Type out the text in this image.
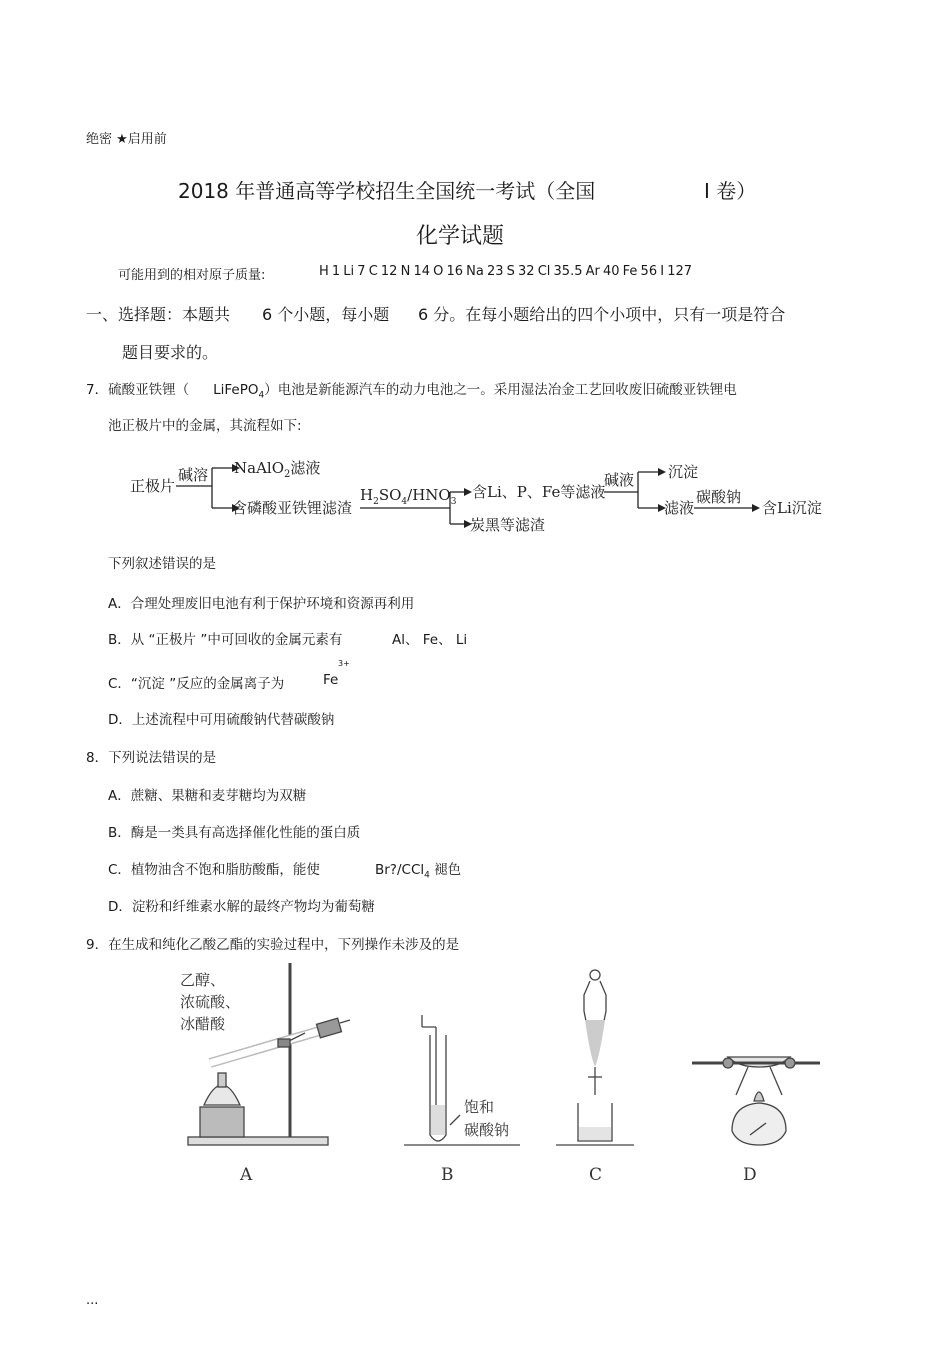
绝密 ★启用前
2018 年普通高等学校招生全国统一考试（全国	Ⅰ 卷）
化学试题
可能用到的相对原子质量:	H 1 Li 7 C 12 N 14 O 16 Na 23 S 32 Cl 35.5 Ar 40 Fe 56 I 127
一、选择题：本题共 6 个小题，每小题 6 分。在每小题给出的四个小项中，只有一项是符合
题目要求的。
7．硫酸亚铁锂（ LiFePO$_4$）电池是新能源汽车的动力电池之一。采用湿法冶金工艺回收废旧硫酸亚铁锂电
池正极片中的金属，其流程如下:
正极片
碱溶 NaAlO$_2$滤液
含磷酸亚铁锂滤渣
$H_2SO_4/HNO_3$
含Li、P、Fe等滤液
炭黑等滤渣
碱液 沉淀
滤液
碳酸钠
含Li沉淀
下列叙述错误的是
A．合理处理废旧电池有利于保护环境和资源再利用
B．从 “正极片 ”中可回收的金属元素有	Al、 Fe、 Li
C．“沉淀 ”反应的金属离子为	Fe
3+
D．上述流程中可用硫酸钠代替碳酸钠
8．下列说法错误的是
A．蔗糖、果糖和麦芽糖均为双糖
B．酶是一类具有高选择催化性能的蛋白质
C．植物油含不饱和脂肪酸酯，能使	Br?/CCl$_4$ 褪色
D．淀粉和纤维素水解的最终产物均为葡萄糖
9．在生成和纯化乙酸乙酯的实验过程中，下列操作未涉及的是
乙醇、
浓硫酸、
冰醋酸
饱和
碳酸钠
A	B	C	D
...
